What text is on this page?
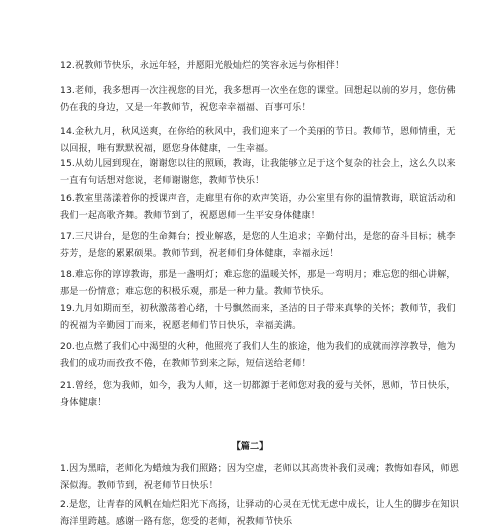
12.祝教师节快乐，永远年轻，并愿阳光般灿烂的笑容永远与你相伴！

13.老师，我多想再一次注视您的目光，我多想再一次坐在您的课堂。回想起以前的岁月，您仿佛仍在我的身边，又是一年教师节，祝您幸幸福福、百事可乐！

14.金秋九月，秋风送爽，在你给的秋风中，我们迎来了一个美丽的节日。教师节，恩师情重，无以回报，唯有默默祝福，愿您身体健康，一生幸福。

15.从幼儿园到现在，谢谢您以往的照顾，教诲，让我能够立足于这个复杂的社会上，这么久以来一直有句话想对您说，老师谢谢您，教师节快乐！

16.教室里荡漾着你的授课声音，走廊里有你的欢声笑语，办公室里有你的温情教诲，联谊活动和我们一起高歌齐舞。教师节到了，祝愿恩师一生平安身体健康！

17.三尺讲台，是您的生命舞台；授业解惑，是您的人生追求；辛勤付出，是您的奋斗目标；桃李芬芳，是您的累累硕果。教师节到，祝老师们身体健康，幸福永远！

18.难忘你的谆谆教诲，那是一盏明灯；难忘您的温暖关怀，那是一弯明月；难忘您的细心讲解，那是一份情意；难忘您的积极乐观，那是一种力量。教师节快乐。

19.九月如期而至，初秋激荡着心绪，十号飘然而来，圣洁的日子带来真挚的关怀；教师节，我们的祝福为辛勤园丁而来，祝愿老师们节日快乐，幸福美满。

20.也点燃了我们心中渴望的火种，他照亮了我们人生的旅途，他为我们的成就而淳淳教导，他为我们的成功而孜孜不倦，在教师节到来之际，短信送给老师！

21.曾经，您为我师，如今，我为人师，这一切都源于老师您对我的爱与关怀，恩师，节日快乐，身体健康！

【篇二】

1.因为黑暗，老师化为蜡烛为我们照路；因为空虚，老师以其高贵补我们灵魂；教悔如春风，师恩深似海。教师节到，祝老师节日快乐！

2.是您，让青春的风帆在灿烂阳光下高扬，让驿动的心灵在无忧无虑中成长，让人生的脚步在知识海洋里跨越。感谢一路有您，您受的老师，祝教师节快乐
